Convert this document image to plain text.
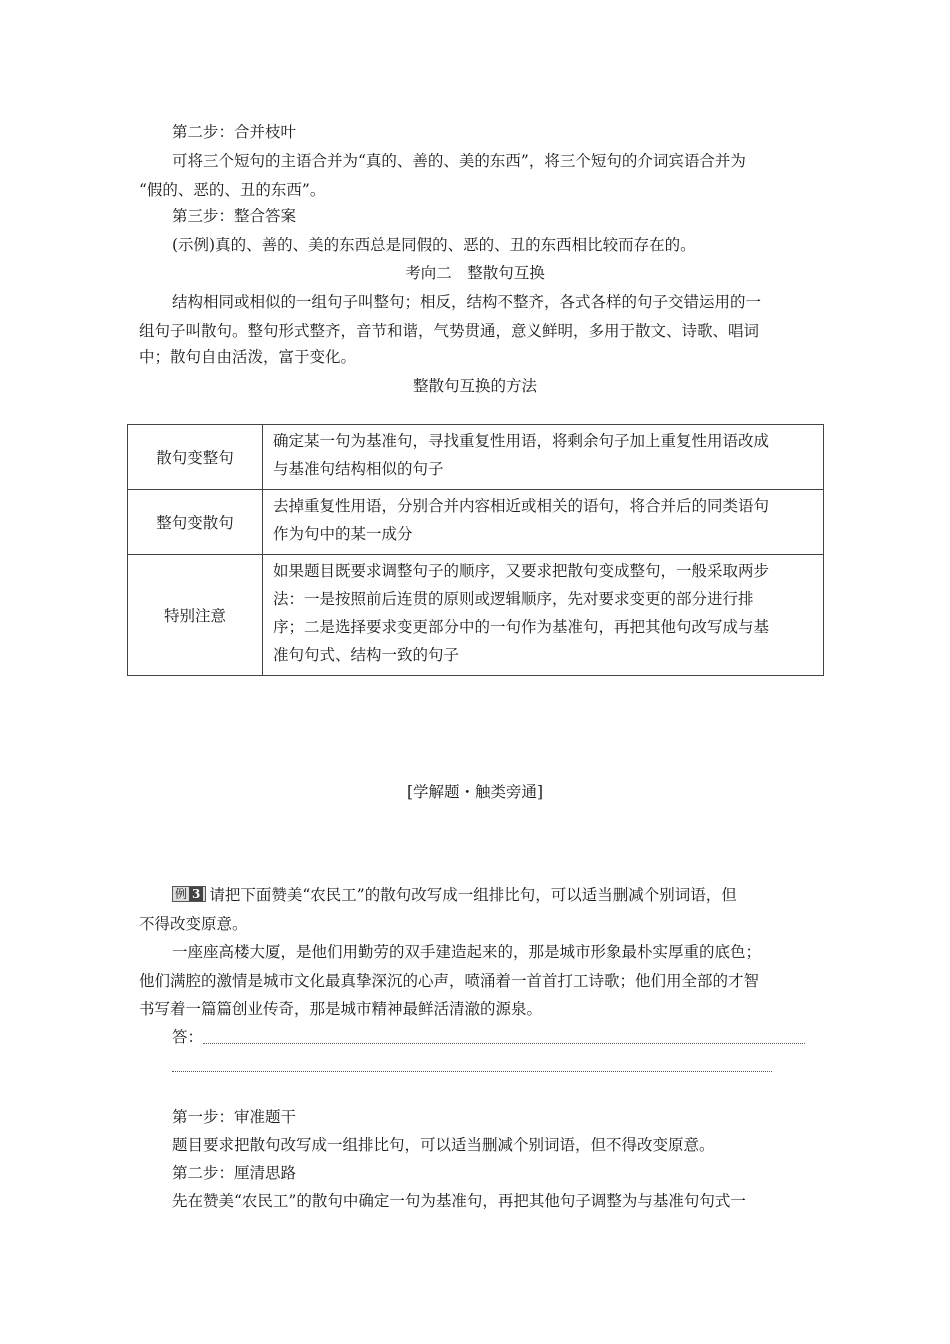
第二步：合并枝叶
可将三个短句的主语合并为“真的、善的、美的东西”，将三个短句的介词宾语合并为
“假的、恶的、丑的东西”。
第三步：整合答案
(示例)真的、善的、美的东西总是同假的、恶的、丑的东西相比较而存在的。
考向二　整散句互换
结构相同或相似的一组句子叫整句；相反，结构不整齐，各式各样的句子交错运用的一
组句子叫散句。整句形式整齐，音节和谐，气势贯通，意义鲜明，多用于散文、诗歌、唱词
中；散句自由活泼，富于变化。
整散句互换的方法
散句变整句	确定某一句为基准句，寻找重复性用语，将剩余句子加上重复性用语改成
与基准句结构相似的句子

整句变散句	去掉重复性用语，分别合并内容相近或相关的语句，将合并后的同类语句
作为句中的某一成分

特别注意	如果题目既要求调整句子的顺序，又要求把散句变成整句，一般采取两步
法：一是按照前后连贯的原则或逻辑顺序，先对要求变更的部分进行排
序；二是选择要求变更部分中的一句作为基准句，再把其他句改写成与基
准句句式、结构一致的句子
[学解题・触类旁通]
例 3 请把下面赞美“农民工”的散句改写成一组排比句，可以适当删减个别词语，但
不得改变原意。
一座座高楼大厦，是他们用勤劳的双手建造起来的，那是城市形象最朴实厚重的底色；
他们满腔的激情是城市文化最真挚深沉的心声，喷涌着一首首打工诗歌；他们用全部的才智
书写着一篇篇创业传奇，那是城市精神最鲜活清澈的源泉。
答：
第一步：审准题干
题目要求把散句改写成一组排比句，可以适当删减个别词语，但不得改变原意。
第二步：厘清思路
先在赞美“农民工”的散句中确定一句为基准句，再把其他句子调整为与基准句句式一
